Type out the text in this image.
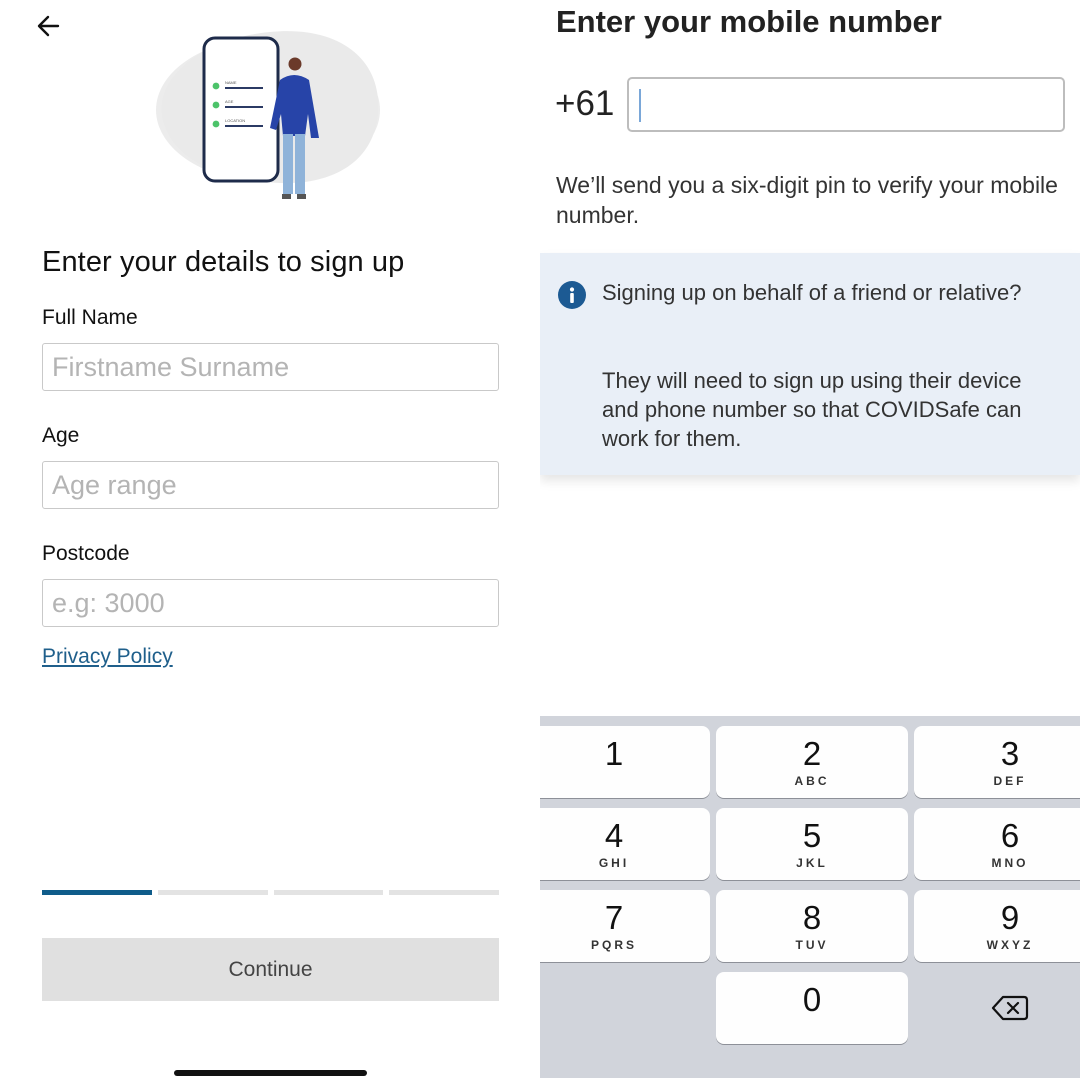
NAME
AGE
LOCATION
Enter your details to sign up
Full Name
Firstname Surname
Age
Age range
Postcode
e.g: 3000
Privacy Policy
Continue
Enter your mobile number
+61
We’ll send you a six-digit pin to verify your mobile number.
Signing up on behalf of a friend or relative?
They will need to sign up using their device and phone number so that COVIDSafe can work for them.
1	2
ABC
3
DEF
4
GHI
5
JKL
6
MNO
7
PQRS
8
TUV
9
WXYZ
0
